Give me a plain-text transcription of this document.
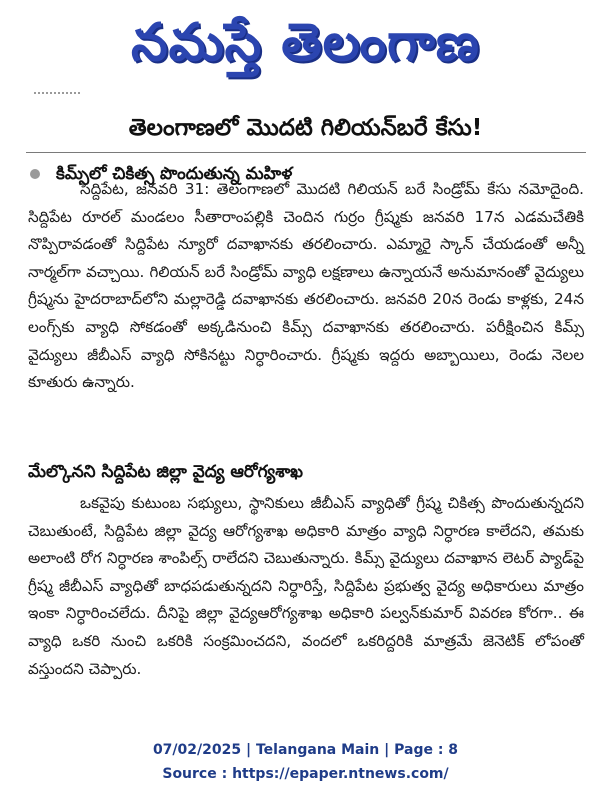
నమస్తే తెలంగాణ
తెలంగాణలో మొదటి గిలియన్‌బరే కేసు!
కిమ్స్‌లో చికిత్స పొందుతున్న మహిళ

సిద్దిపేట, జనవరి 31: తెలంగాణలో మొదటి గిలియన్ బరే సిండ్రోమ్ కేసు నమోదైంది. సిద్దిపేట రూరల్ మండలం సీతారాంపల్లికి చెందిన గుర్రం గ్రీష్మకు జనవరి 17న ఎడమచేతికి నొప్పిరావడంతో సిద్దిపేట న్యూరో దవాఖానకు తరలించారు. ఎమ్మారై స్కాన్ చేయడంతో అన్నీ నార్మల్‌గా వచ్చాయి. గిలియన్ బరే సిండ్రోమ్ వ్యాధి లక్షణాలు ఉన్నాయనే అనుమానంతో వైద్యులు గ్రీష్మను హైదరాబాద్‌లోని మల్లారెడ్డి దవాఖానకు తరలించారు. జనవరి 20న రెండు కాళ్లకు, 24న లంగ్స్‌కు వ్యాధి సోకడంతో అక్కడినుంచి కిమ్స్ దవాఖానకు తరలించారు. పరీక్షించిన కిమ్స్ వైద్యులు జీబీఎస్ వ్యాధి సోకినట్టు నిర్ధారించారు. గ్రీష్మకు ఇద్దరు అబ్బాయిలు, రెండు నెలల కూతురు ఉన్నారు.

మేల్కొనని సిద్దిపేట జిల్లా వైద్య ఆరోగ్యశాఖ

ఒకవైపు కుటుంబ సభ్యులు, స్థానికులు జీబీఎస్ వ్యాధితో గ్రీష్మ చికిత్స పొందుతున్నదని చెబుతుంటే, సిద్దిపేట జిల్లా వైద్య ఆరోగ్యశాఖ అధికారి మాత్రం వ్యాధి నిర్ధారణ కాలేదని, తమకు అలాంటి రోగ నిర్ధారణ శాంపిల్స్ రాలేదని చెబుతున్నారు. కిమ్స్ వైద్యులు దవాఖాన లెటర్ ప్యాడ్‌పై గ్రీష్మ జీబీఎస్ వ్యాధితో బాధపడుతున్నదని నిర్ధారిస్తే, సిద్దిపేట ప్రభుత్వ వైద్య అధికారులు మాత్రం ఇంకా నిర్ధారించలేదు. దీనిపై జిల్లా వైద్యఆరోగ్యశాఖ అధికారి పల్వన్‌కుమార్ వివరణ కోరగా.. ఈ వ్యాధి ఒకరి నుంచి ఒకరికి సంక్రమించదని, వందలో ఒకరిద్దరికి మాత్రమే జెనెటిక్ లోపంతో వస్తుందని చెప్పారు.

07/02/2025 | Telangana Main | Page : 8
Source : https://epaper.ntnews.com/
